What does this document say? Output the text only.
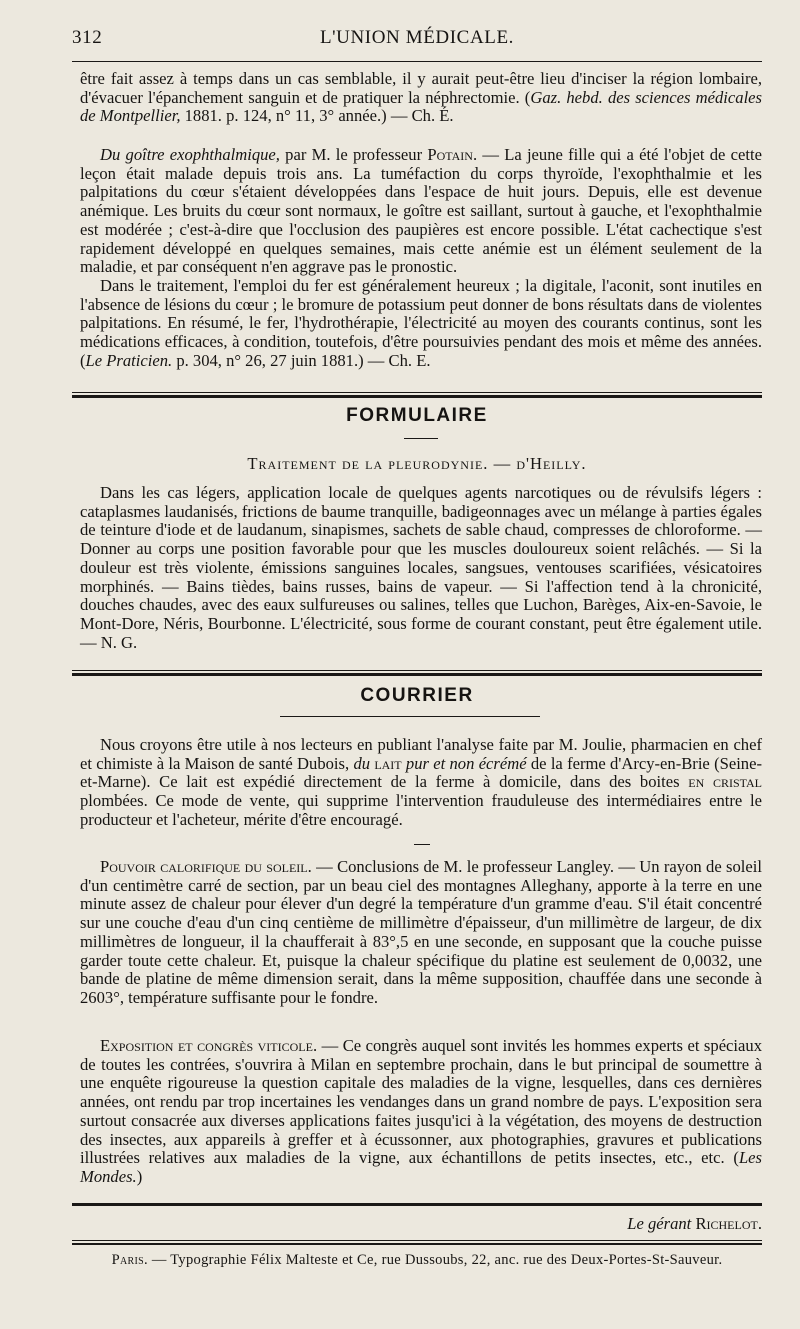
312	L'UNION MÉDICALE.

être fait assez à temps dans un cas semblable, il y aurait peut-être lieu d'inciser la région lombaire, d'évacuer l'épanchement sanguin et de pratiquer la néphrectomie. (Gaz. hebd. des sciences médicales de Montpellier, 1881. p. 124, n° 11, 3° année.) — Ch. É.

Du goître exophthalmique, par M. le professeur Potain. — La jeune fille qui a été l'objet de cette leçon était malade depuis trois ans. La tuméfaction du corps thyroïde, l'exophthalmie et les palpitations du cœur s'étaient développées dans l'espace de huit jours. Depuis, elle est devenue anémique. Les bruits du cœur sont normaux, le goître est saillant, surtout à gauche, et l'exophthalmie est modérée ; c'est-à-dire que l'occlusion des paupières est encore possible. L'état cachectique s'est rapidement développé en quelques semaines, mais cette anémie est un élément seulement de la maladie, et par conséquent n'en aggrave pas le pronostic.

Dans le traitement, l'emploi du fer est généralement heureux ; la digitale, l'aconit, sont inutiles en l'absence de lésions du cœur ; le bromure de potassium peut donner de bons résultats dans de violentes palpitations. En résumé, le fer, l'hydrothérapie, l'électricité au moyen des courants continus, sont les médications efficaces, à condition, toutefois, d'être poursuivies pendant des mois et même des années. (Le Praticien. p. 304, n° 26, 27 juin 1881.) — Ch. E.

FORMULAIRE
Traitement de la pleurodynie. — d'Heilly.

Dans les cas légers, application locale de quelques agents narcotiques ou de révulsifs légers : cataplasmes laudanisés, frictions de baume tranquille, badigeonnages avec un mélange à parties égales de teinture d'iode et de laudanum, sinapismes, sachets de sable chaud, compresses de chloroforme. — Donner au corps une position favorable pour que les muscles douloureux soient relâchés. — Si la douleur est très violente, émissions sanguines locales, sangsues, ventouses scarifiées, vésicatoires morphinés. — Bains tièdes, bains russes, bains de vapeur. — Si l'affection tend à la chronicité, douches chaudes, avec des eaux sulfureuses ou salines, telles que Luchon, Barèges, Aix-en-Savoie, le Mont-Dore, Néris, Bourbonne. L'électricité, sous forme de courant constant, peut être également utile. — N. G.

COURRIER

Nous croyons être utile à nos lecteurs en publiant l'analyse faite par M. Joulie, pharmacien en chef et chimiste à la Maison de santé Dubois, du lait pur et non écrémé de la ferme d'Arcy-en-Brie (Seine-et-Marne). Ce lait est expédié directement de la ferme à domicile, dans des boites en cristal plombées. Ce mode de vente, qui supprime l'intervention frauduleuse des intermédiaires entre le producteur et l'acheteur, mérite d'être encouragé.

Pouvoir calorifique du soleil. — Conclusions de M. le professeur Langley. — Un rayon de soleil d'un centimètre carré de section, par un beau ciel des montagnes Alleghany, apporte à la terre en une minute assez de chaleur pour élever d'un degré la température d'un gramme d'eau. S'il était concentré sur une couche d'eau d'un cinq centième de millimètre d'épaisseur, d'un millimètre de largeur, de dix millimètres de longueur, il la chaufferait à 83°,5 en une seconde, en supposant que la couche puisse garder toute cette chaleur. Et, puisque la chaleur spécifique du platine est seulement de 0,0032, une bande de platine de même dimension serait, dans la même supposition, chauffée dans une seconde à 2603°, température suffisante pour le fondre.

Exposition et congrès viticole. — Ce congrès auquel sont invités les hommes experts et spéciaux de toutes les contrées, s'ouvrira à Milan en septembre prochain, dans le but principal de soumettre à une enquête rigoureuse la question capitale des maladies de la vigne, lesquelles, dans ces dernières années, ont rendu par trop incertaines les vendanges dans un grand nombre de pays. L'exposition sera surtout consacrée aux diverses applications faites jusqu'ici à la végétation, des moyens de destruction des insectes, aux appareils à greffer et à écussonner, aux photographies, gravures et publications illustrées relatives aux maladies de la vigne, aux échantillons de petits insectes, etc., etc. (Les Mondes.)

Le gérant Richelot.
Paris. — Typographie Félix Malteste et Ce, rue Dussoubs, 22, anc. rue des Deux-Portes-St-Sauveur.
